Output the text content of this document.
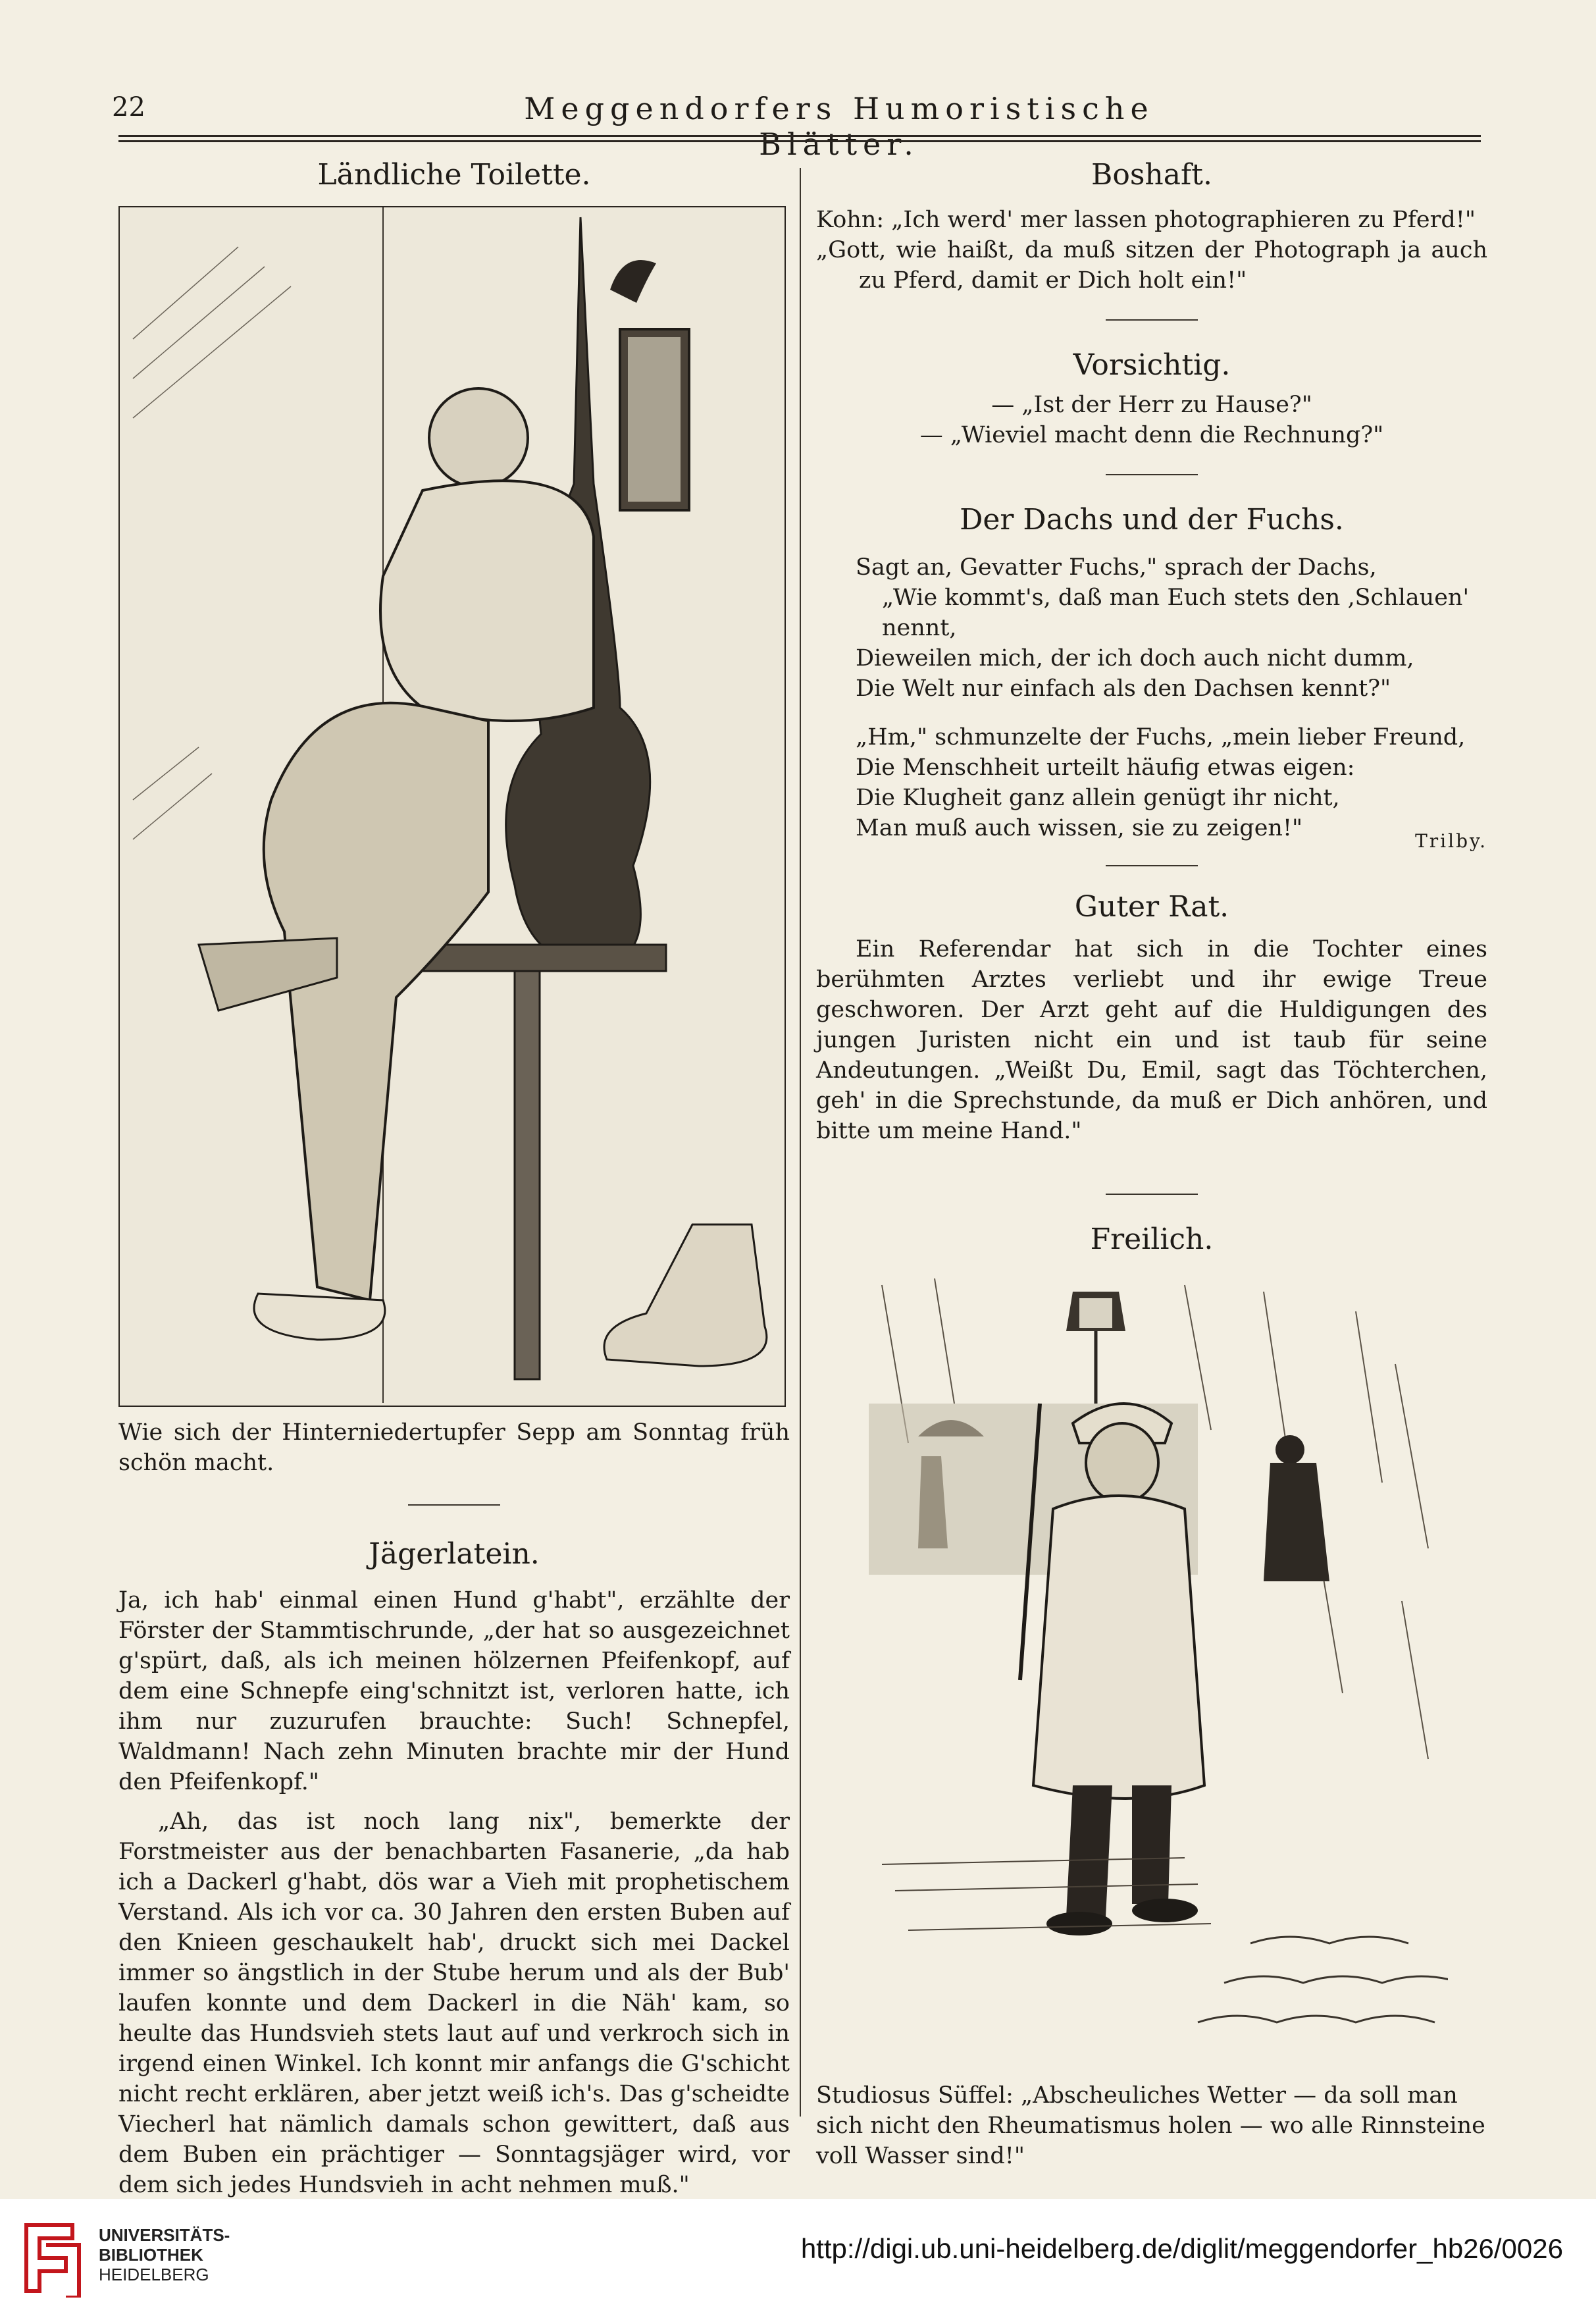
22	Meggendorfers Humoristische Blätter.
Ländliche Toilette.

Wie sich der Hinterniedertupfer Sepp am Sonntag früh schön macht.

Jägerlatein.

Ja, ich hab' einmal einen Hund g'habt", erzählte der Förster der Stammtischrunde, „der hat so ausgezeichnet g'spürt, daß, als ich meinen hölzernen Pfeifenkopf, auf dem eine Schnepfe eing'schnitzt ist, verloren hatte, ich ihm nur zuzurufen brauchte: Such! Schnepfel, Waldmann! Nach zehn Minuten brachte mir der Hund den Pfeifenkopf."

„Ah, das ist noch lang nix", bemerkte der Forstmeister aus der benachbarten Fasanerie, „da hab ich a Dackerl g'habt, dös war a Vieh mit prophetischem Verstand. Als ich vor ca. 30 Jahren den ersten Buben auf den Knieen geschaukelt hab', druckt sich mei Dackel immer so ängstlich in der Stube herum und als der Bub' laufen konnte und dem Dackerl in die Näh' kam, so heulte das Hundsvieh stets laut auf und verkroch sich in irgend einen Winkel. Ich konnt mir anfangs die G'schicht nicht recht erklären, aber jetzt weiß ich's. Das g'scheidte Viecherl hat nämlich damals schon gewittert, daß aus dem Buben ein prächtiger — Sonntagsjäger wird, vor dem sich jedes Hundsvieh in acht nehmen muß."

Boshaft.

Kohn: „Ich werd' mer lassen photographieren zu Pferd!"

„Gott, wie haißt, da muß sitzen der Photograph ja auch zu Pferd, damit er Dich holt ein!"

Vorsichtig.

— „Ist der Herr zu Hause?"

— „Wieviel macht denn die Rechnung?"

Der Dachs und der Fuchs.

Sagt an, Gevatter Fuchs," sprach der Dachs,

„Wie kommt's, daß man Euch stets den ‚Schlauen' nennt,

Dieweilen mich, der ich doch auch nicht dumm,

Die Welt nur einfach als den Dachsen kennt?"

„Hm," schmunzelte der Fuchs, „mein lieber Freund,

Die Menschheit urteilt häufig etwas eigen:

Die Klugheit ganz allein genügt ihr nicht,

Man muß auch wissen, sie zu zeigen!"	Trilby.

Guter Rat.

Ein Referendar hat sich in die Tochter eines berühmten Arztes verliebt und ihr ewige Treue geschworen. Der Arzt geht auf die Huldigungen des jungen Juristen nicht ein und ist taub für seine Andeutungen. „Weißt Du, Emil, sagt das Töchterchen, geh' in die Sprechstunde, da muß er Dich anhören, und bitte um meine Hand."

Freilich.

Studiosus Süffel: „Abscheuliches Wetter — da soll man sich nicht den Rheumatismus holen — wo alle Rinnsteine voll Wasser sind!"

UNIVERSITÄTS-
BIBLIOTHEK
HEIDELBERG
http://digi.ub.uni-heidelberg.de/diglit/meggendorfer_hb26/0026
